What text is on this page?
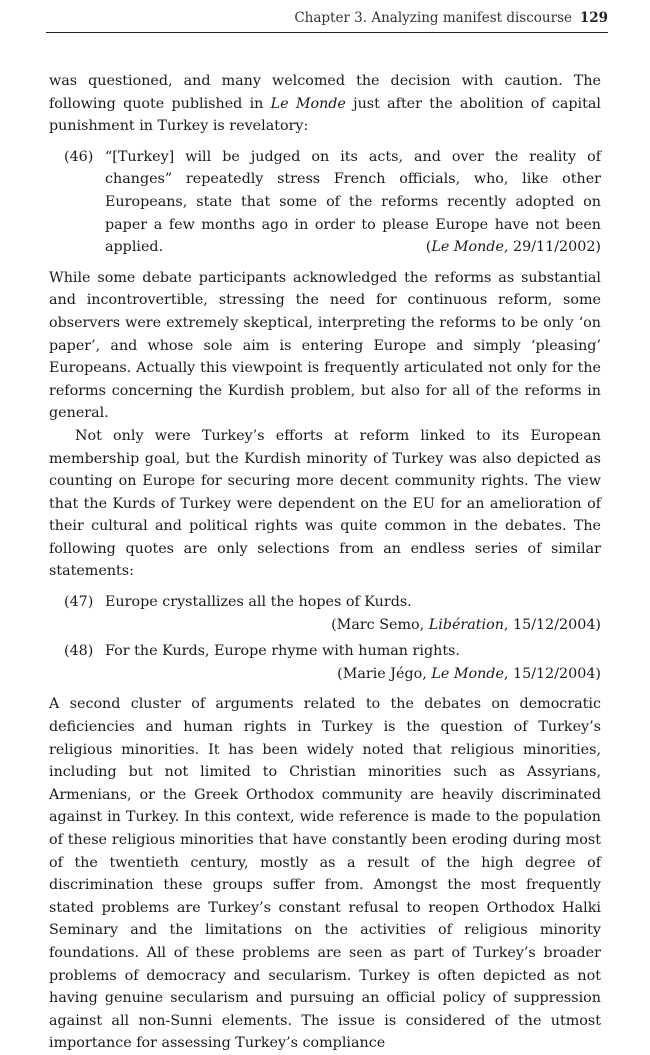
Chapter 3. Analyzing manifest discourse 129

was questioned, and many welcomed the decision with caution. The following quote published in Le Monde just after the abolition of capital punishment in Turkey is revelatory:

(46) “[Turkey] will be judged on its acts, and over the reality of changes” repeatedly stress French officials, who, like other Europeans, state that some of the reforms recently adopted on paper a few months ago in order to please Europe have not been applied.	(Le Monde, 29/11/2002)

While some debate participants acknowledged the reforms as substantial and incontrovertible, stressing the need for continuous reform, some observers were extremely skeptical, interpreting the reforms to be only ‘on paper’, and whose sole aim is entering Europe and simply ‘pleasing’ Europeans. Actually this viewpoint is frequently articulated not only for the reforms concerning the Kurdish problem, but also for all of the reforms in general.

Not only were Turkey’s efforts at reform linked to its European membership goal, but the Kurdish minority of Turkey was also depicted as counting on Europe for securing more decent community rights. The view that the Kurds of Turkey were dependent on the EU for an amelioration of their cultural and political rights was quite common in the debates. The following quotes are only selections from an endless series of similar statements:

(47) Europe crystallizes all the hopes of Kurds.
(Marc Semo, Libération, 15/12/2004)
(48) For the Kurds, Europe rhyme with human rights.
(Marie Jégo, Le Monde, 15/12/2004)

A second cluster of arguments related to the debates on democratic deficiencies and human rights in Turkey is the question of Turkey’s religious minorities. It has been widely noted that religious minorities, including but not limited to Christian minorities such as Assyrians, Armenians, or the Greek Orthodox community are heavily discriminated against in Turkey. In this context, wide reference is made to the population of these religious minorities that have constantly been eroding during most of the twentieth century, mostly as a result of the high degree of discrimination these groups suffer from. Amongst the most frequently stated problems are Turkey’s constant refusal to reopen Orthodox Halki Seminary and the limitations on the activities of religious minority foundations. All of these problems are seen as part of Turkey’s broader problems of democracy and secularism. Turkey is often depicted as not having genuine secularism and pursuing an official policy of suppression against all non-Sunni elements. The issue is considered of the utmost importance for assessing Turkey’s compliance
